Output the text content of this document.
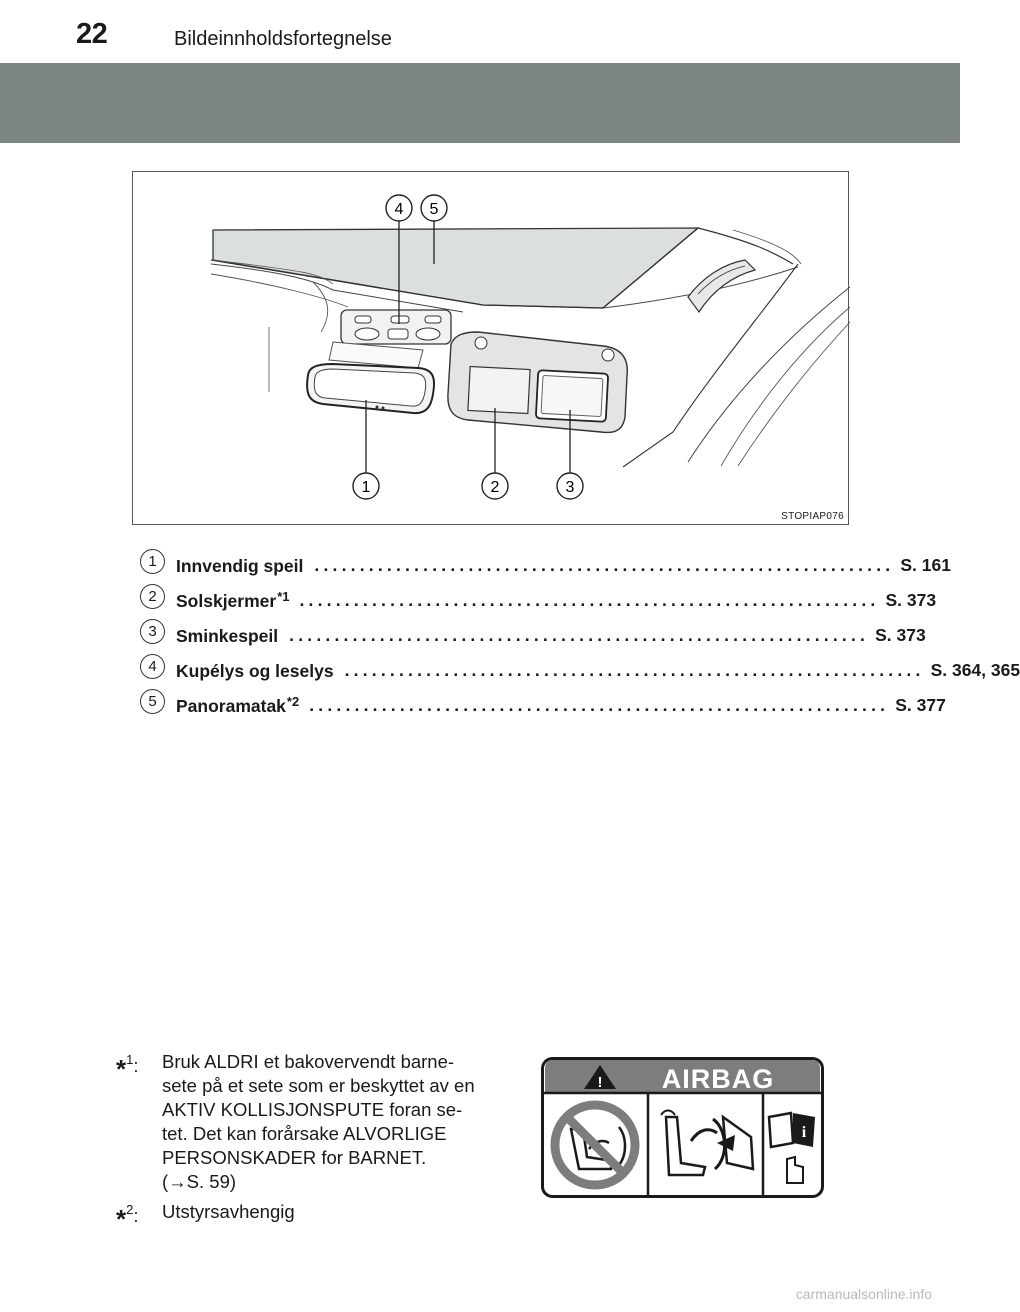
22	Bildeinnholdsfortegnelse
4 5
1	2	3
STOPIAP076
1	Innvendig speil ................................................................ S. 161
2	Solskjermer$^{*1}$ ................................................................ S. 373
3	Sminkespeil ................................................................ S. 373
4	Kupélys og leselys ................................................................ S. 364, 365
5	Panoramatak$^{*2}$ ................................................................ S. 377
*$^1$: Bruk ALDRI et bakovervendt barne-
sete på et sete som er beskyttet av en
AKTIV KOLLISJONSPUTE foran se-
tet. Det kan forårsake ALVORLIGE
PERSONSKADER for BARNET.
(→S. 59)
*$^2$: Utstyrsavhengig
! AIRBAG
i
carmanualsonline.info
